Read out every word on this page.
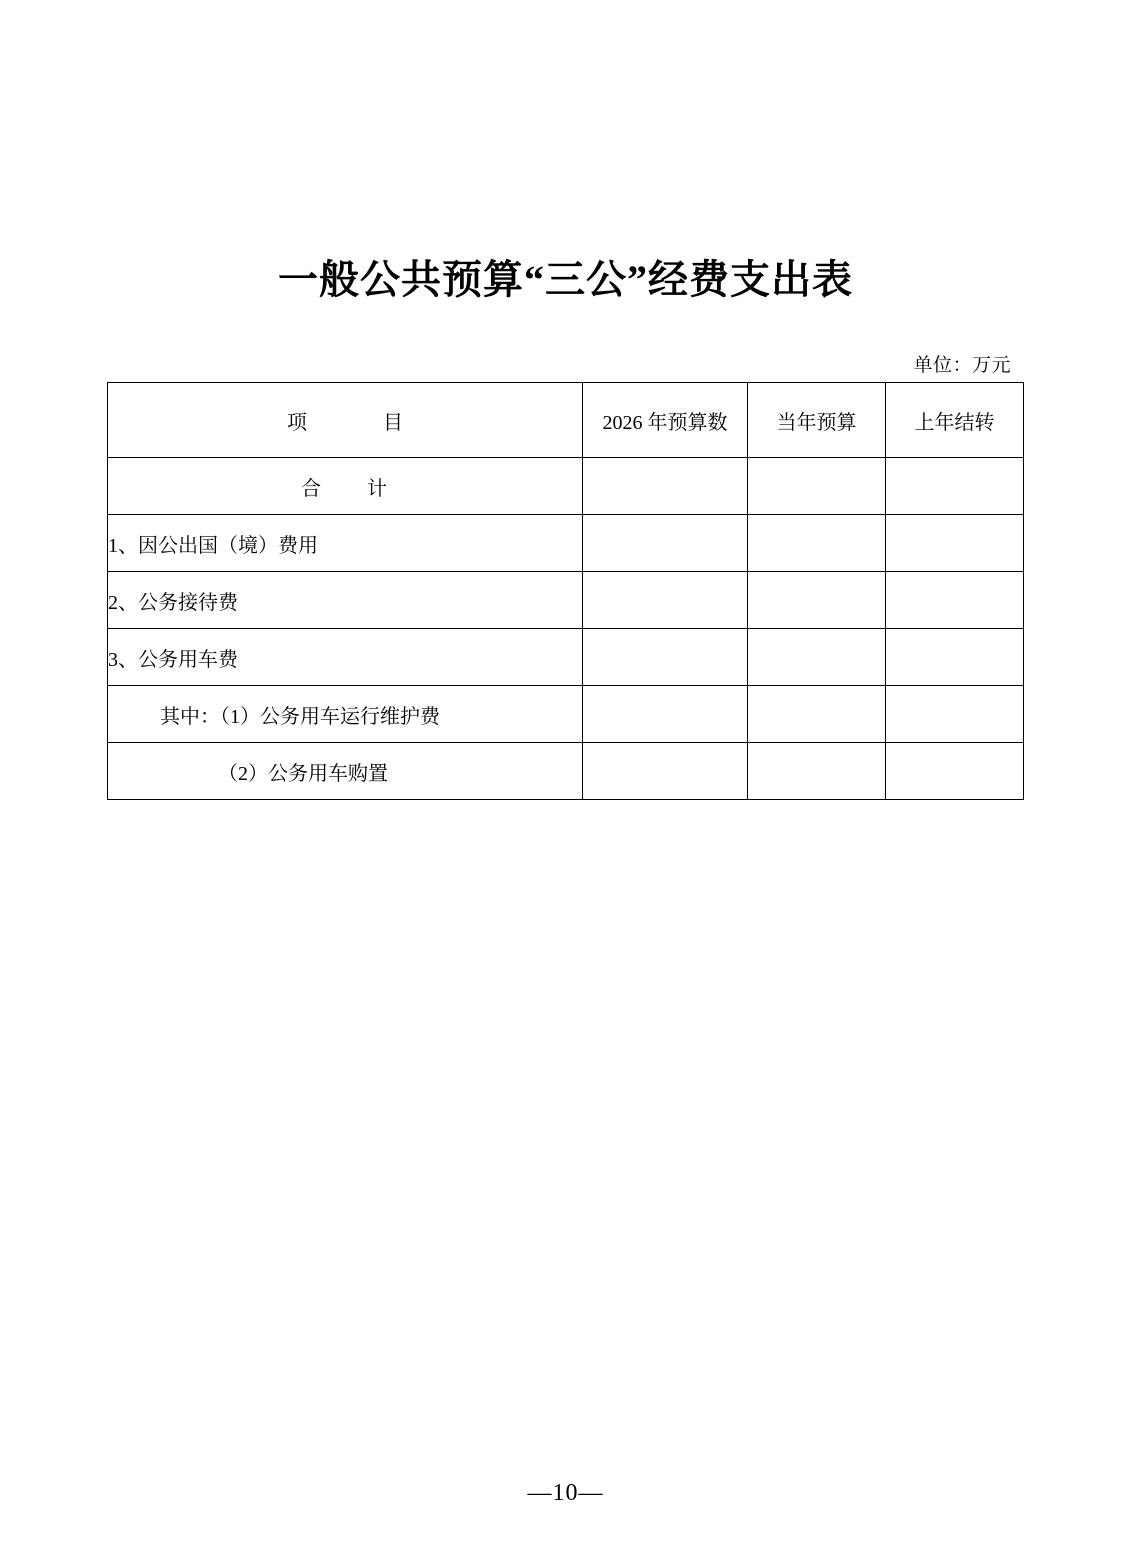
一般公共预算“三公”经费支出表
单位：万元
项　　目	2026 年预算数	当年预算	上年结转
合　　计			
1、因公出国（境）费用			
2、公务接待费			
3、公务用车费			
其中：（1）公务用车运行维护费			
（2）公务用车购置			
—10—
